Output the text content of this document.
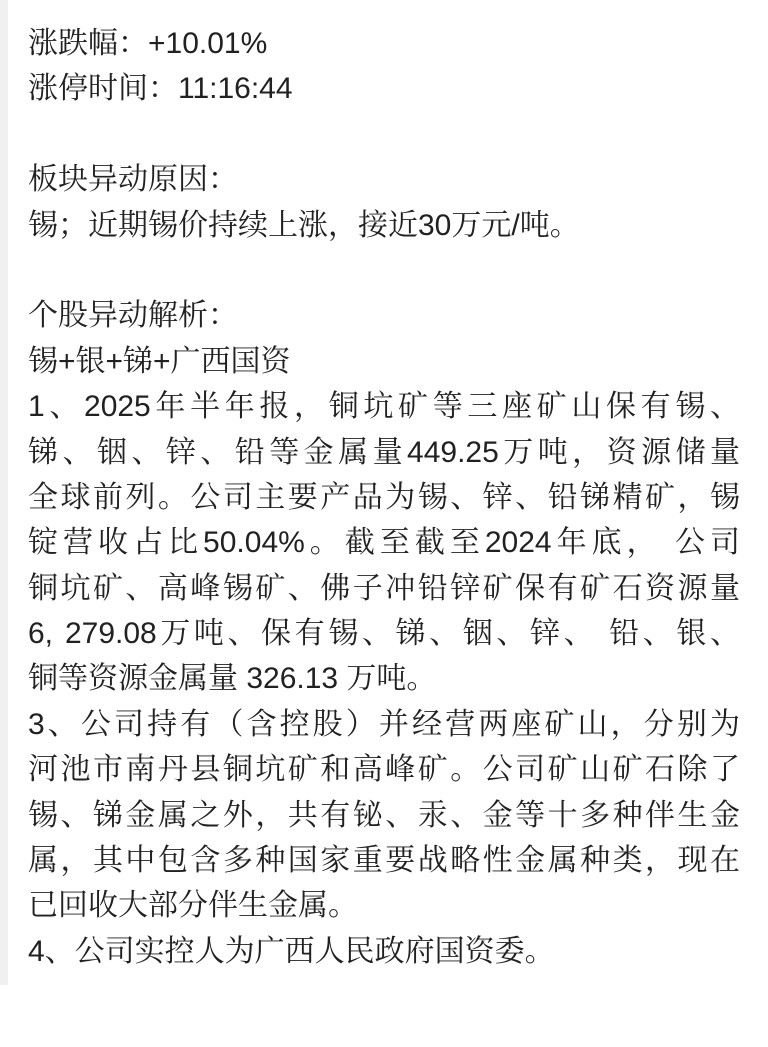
涨跌幅：+10.01%
涨停时间：11:16:44
板块异动原因：
锡；近期锡价持续上涨，接近30万元/吨。
个股异动解析：
锡+银+锑+广西国资
1、2025年半年报，铜坑矿等三座矿山保有锡、
锑、铟、锌、铅等金属量449.25万吨，资源储量
全球前列。公司主要产品为锡、锌、铅锑精矿，锡
锭营收占比50.04%。截至截至2024年底， 公司
铜坑矿、高峰锡矿、佛子冲铅锌矿保有矿石资源量
6, 279.08万吨、保有锡、锑、铟、锌、 铅、银、
铜等资源金属量 326.13 万吨。
3、公司持有（含控股）并经营两座矿山，分别为
河池市南丹县铜坑矿和高峰矿。公司矿山矿石除了
锡、锑金属之外，共有铋、汞、金等十多种伴生金
属，其中包含多种国家重要战略性金属种类，现在
已回收大部分伴生金属。
4、公司实控人为广西人民政府国资委。
